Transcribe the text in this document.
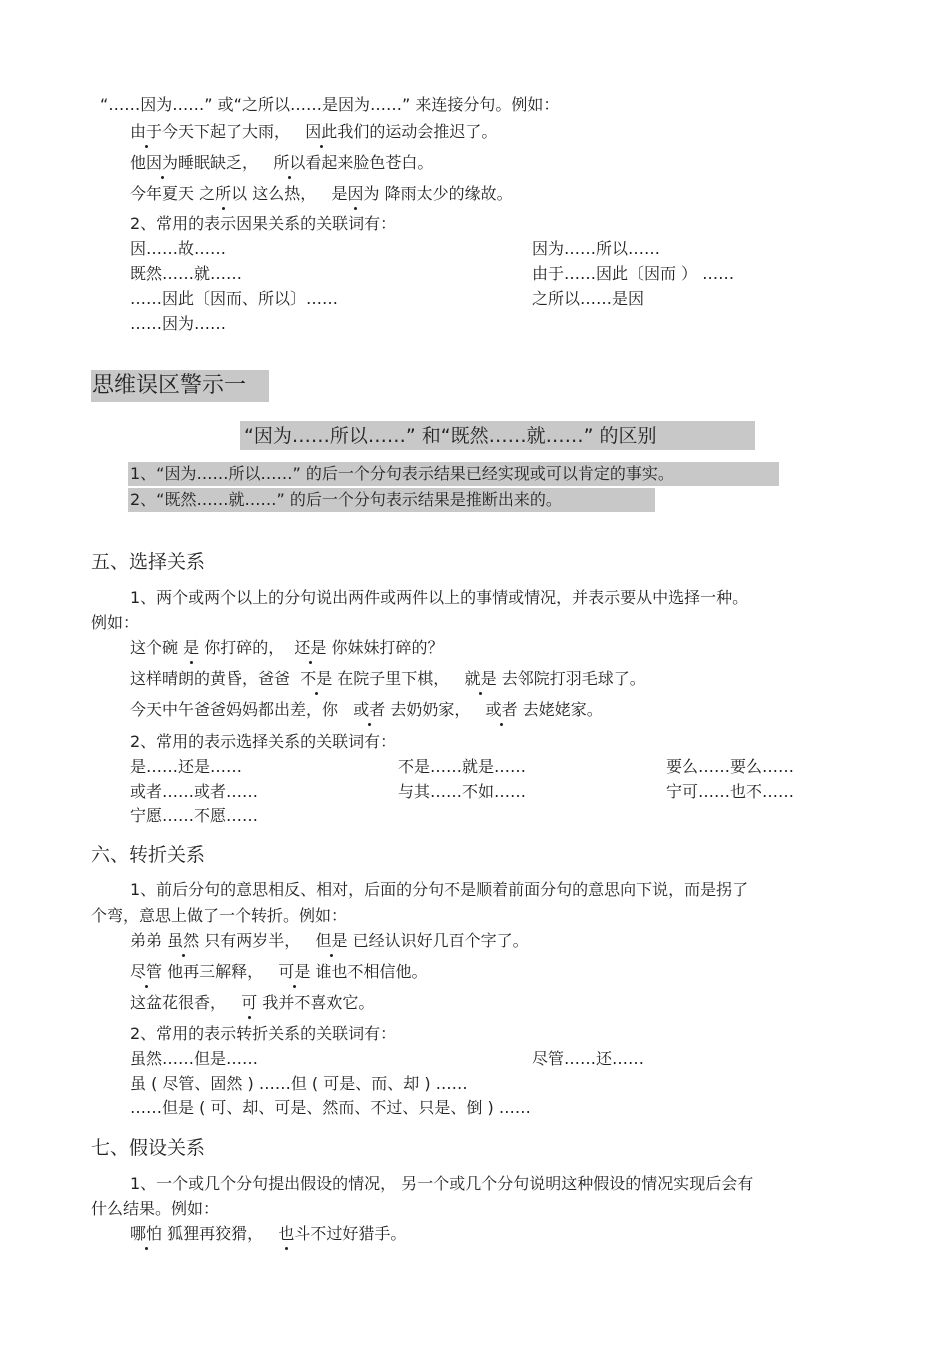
“……因为……” 或“之所以……是因为……” 来连接分句。例如：
由于今天下起了大雨， 因此我们的运动会推迟了。
他因为睡眠缺乏， 所以看起来脸色苍白。
今年夏天 之所以 这么热， 是因为 降雨太少的缘故。
2、常用的表示因果关系的关联词有：
因……故……	因为……所以……
既然……就……	由于……因此〔因而 ） ……
……因此〔因而、所以〕……	之所以……是因
……因为……
思维误区警示一
“因为……所以……” 和“既然……就……” 的区别
1、“因为……所以……” 的后一个分句表示结果已经实现或可以肯定的事实。
2、“既然……就……” 的后一个分句表示结果是推断出来的。
五、选择关系
1、两个或两个以上的分句说出两件或两件以上的事情或情况，并表示要从中选择一种。
例如：
这个碗 是 你打碎的， 还是 你妹妹打碎的？
这样晴朗的黄昏，爸爸 不是 在院子里下棋， 就是 去邻院打羽毛球了。
今天中午爸爸妈妈都出差，你 或者 去奶奶家， 或者 去姥姥家。
2、常用的表示选择关系的关联词有：
是……还是……	不是……就是……	要么……要么……
或者……或者……	与其……不如……	宁可……也不……
宁愿……不愿……
六、转折关系
1、前后分句的意思相反、相对，后面的分句不是顺着前面分句的意思向下说，而是拐了
个弯，意思上做了一个转折。例如：
弟弟 虽然 只有两岁半， 但是 已经认识好几百个字了。
尽管 他再三解释， 可是 谁也不相信他。
这盆花很香， 可 我并不喜欢它。
2、常用的表示转折关系的关联词有：
虽然……但是……	尽管……还……
虽 ( 尽管、固然 ) ……但 ( 可是、而、却 ) ……
……但是 ( 可、却、可是、然而、不过、只是、倒 ) ……
七、假设关系
1、一个或几个分句提出假设的情况， 另一个或几个分句说明这种假设的情况实现后会有
什么结果。例如：
哪怕 狐狸再狡猾， 也斗不过好猎手。
